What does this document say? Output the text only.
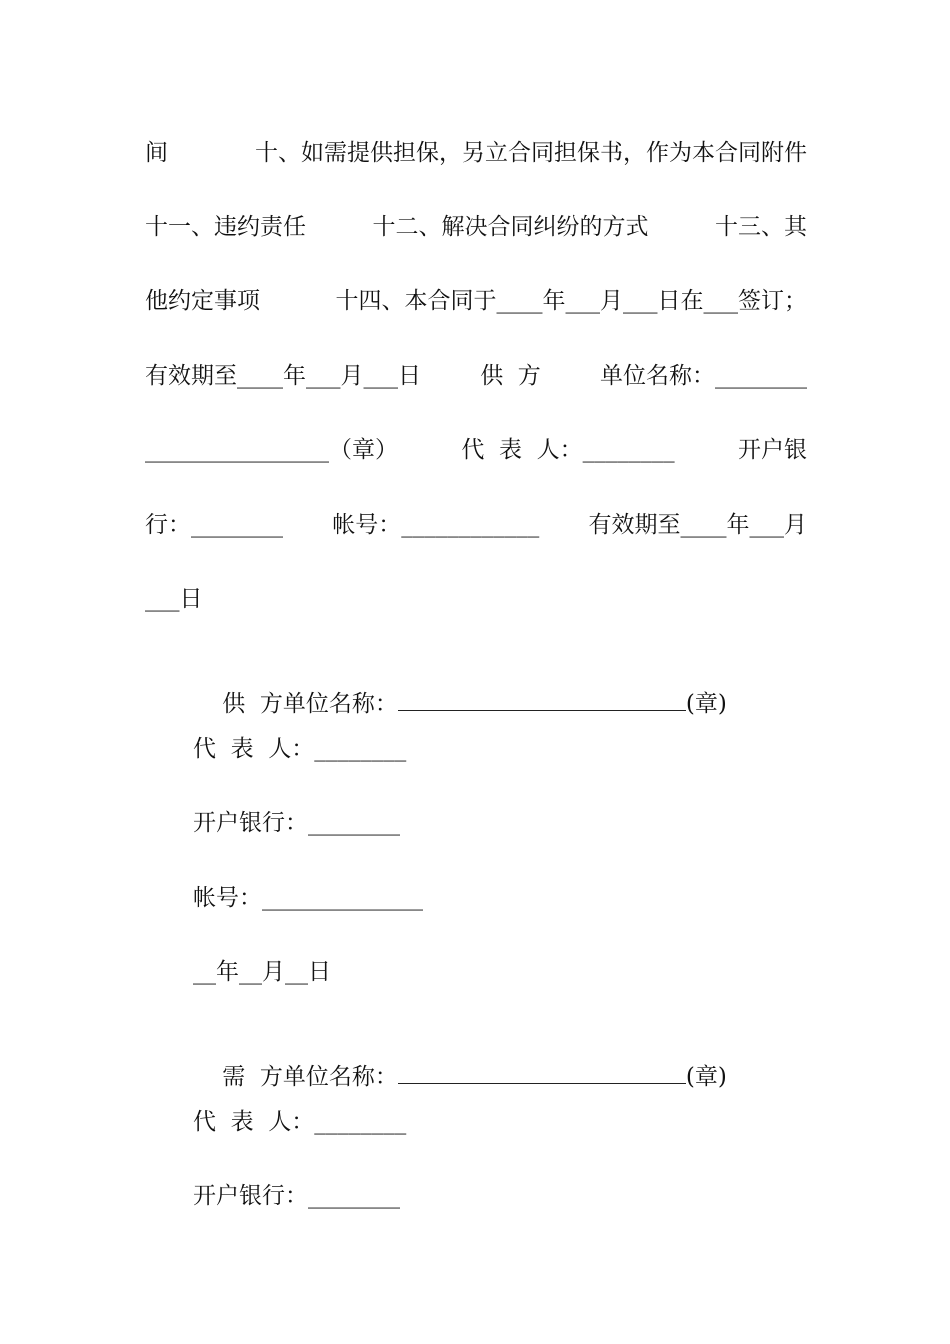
间	十、如需提供担保，另立合同担保书，作为本合同附件
十一、违约责任	十二、解决合同纠纷的方式	十三、其
他约定事项	十四、本合同于____年___月___日在___签订；
有效期至____年___月___日	供  方	单位名称：________
________________（章）	代  表  人：________	开户银
行：________ 帐号：____________ 有效期至____年___月
___日

供  方单位名称：	(章)

代  表  人：________
开户银行：________
帐号：______________
__年__月__日

需  方单位名称：	(章)

代  表  人：________
开户银行：________
